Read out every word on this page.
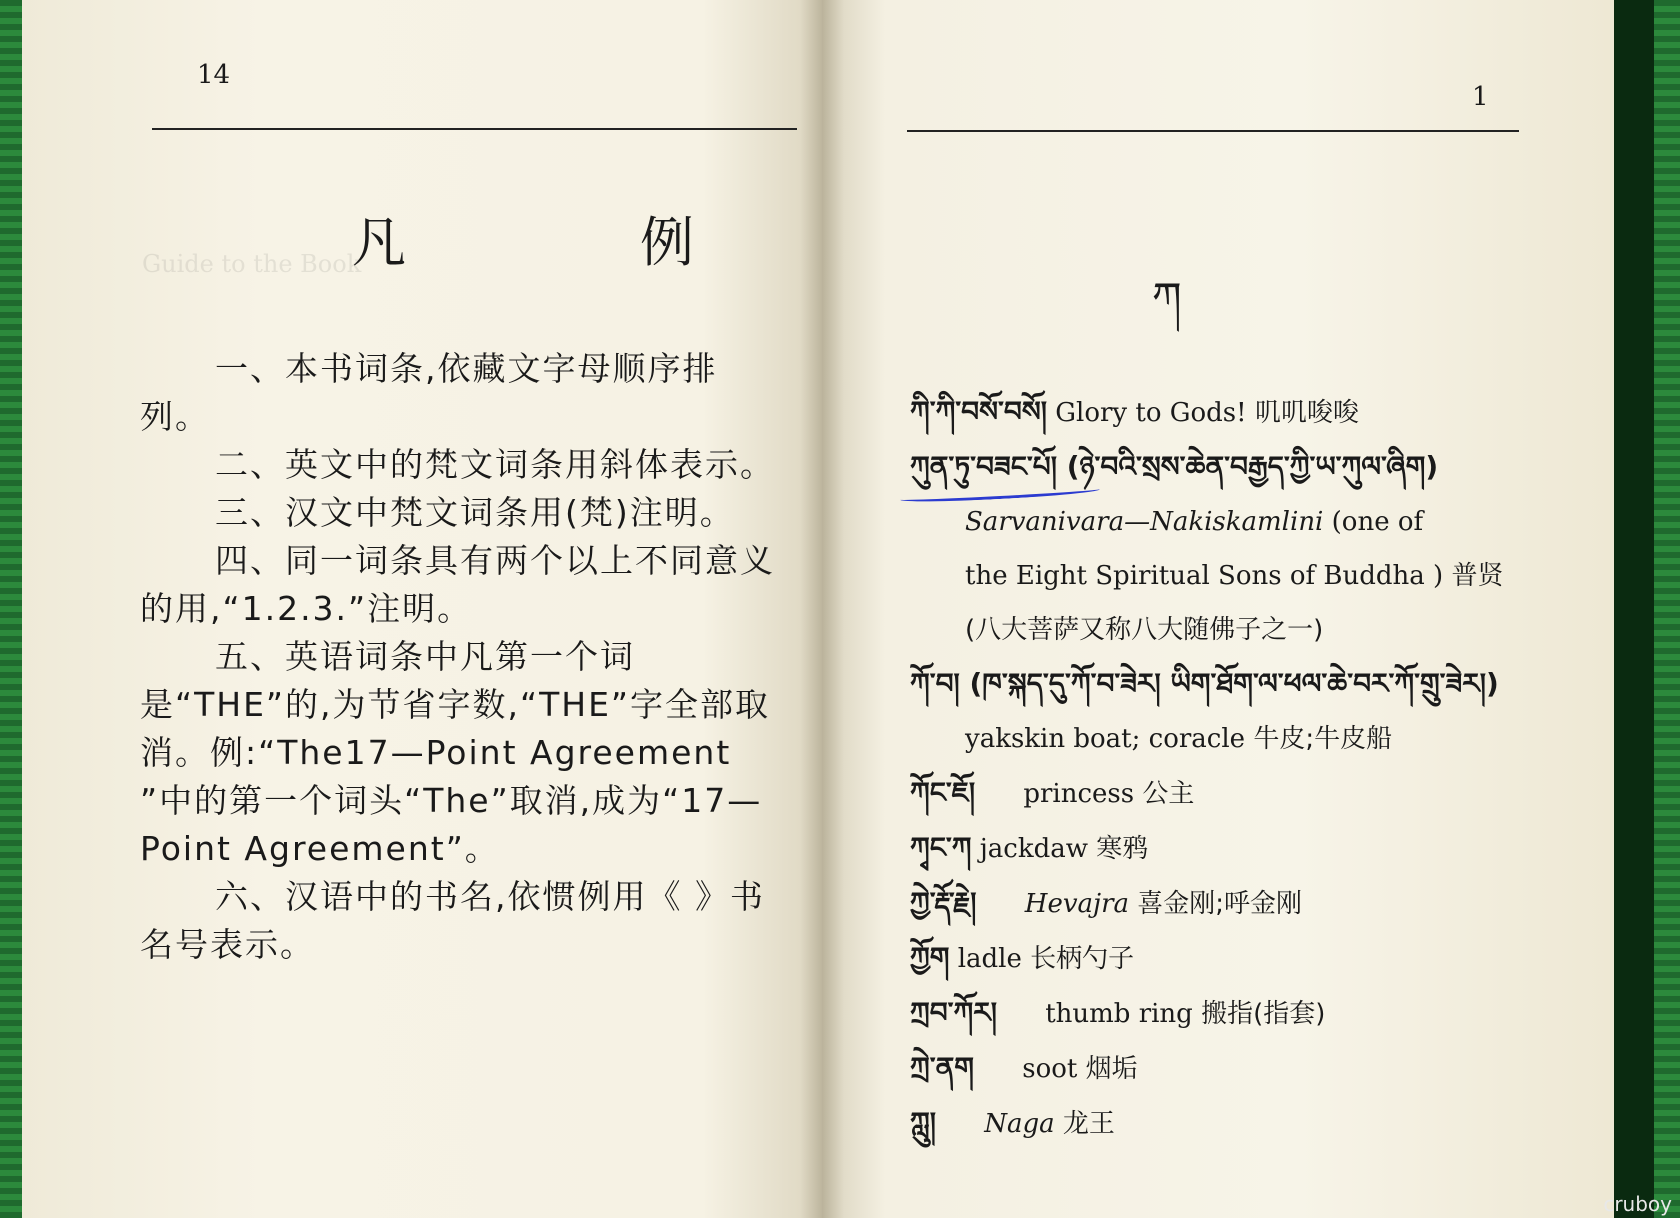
Guide to the Book
14
凡　例

一、本书词条,依藏文字母顺序排列。

二、英文中的梵文词条用斜体表示。

三、汉文中梵文词条用(梵)注明。

四、同一词条具有两个以上不同意义的用,“1.2.3.”注明。

五、英语词条中凡第一个词是“THE”的,为节省字数,“THE”字全部取消。例:“The17—Point Agreement ”中的第一个词头“The”取消,成为“17—Point Agreement”。

六、汉语中的书名,依惯例用《 》书名号表示。

1
ཀ
ཀི་ཀི་བསོ་བསོ། Glory to Gods! 叽叽唆唆
ཀུན་ཏུ་བཟང་པོ། (ཉེ་བའི་སྲས་ཆེན་བརྒྱད་ཀྱི་ཡ་ཀུལ་ཞིག)
Sarvanivara—Nakiskamlini (one of
the Eight Spiritual Sons of Buddha ) 普贤
(八大菩萨又称八大随佛子之一)
ཀོ་བ། (ཁ་སྐད་དུ་ཀོ་བ་ཟེར། ཡིག་ཐོག་ལ་ཕལ་ཆེ་བར་ཀོ་གྲུ་ཟེར།)
yakskin boat; coracle 牛皮;牛皮船
ཀོང་ཇོ། princess 公主
ཀྭང་ཀ jackdaw 寒鸦
ཀྱེ་རྡོ་རྗེ། Hevajra 喜金刚;呼金刚
ཀྱོག ladle 长柄勺子
ཀྲབ་ཀོར། thumb ring 搬指(指套)
ཀྲེ་ནག soot 烟垢
ཀླུ། Naga 龙王
cruboy
